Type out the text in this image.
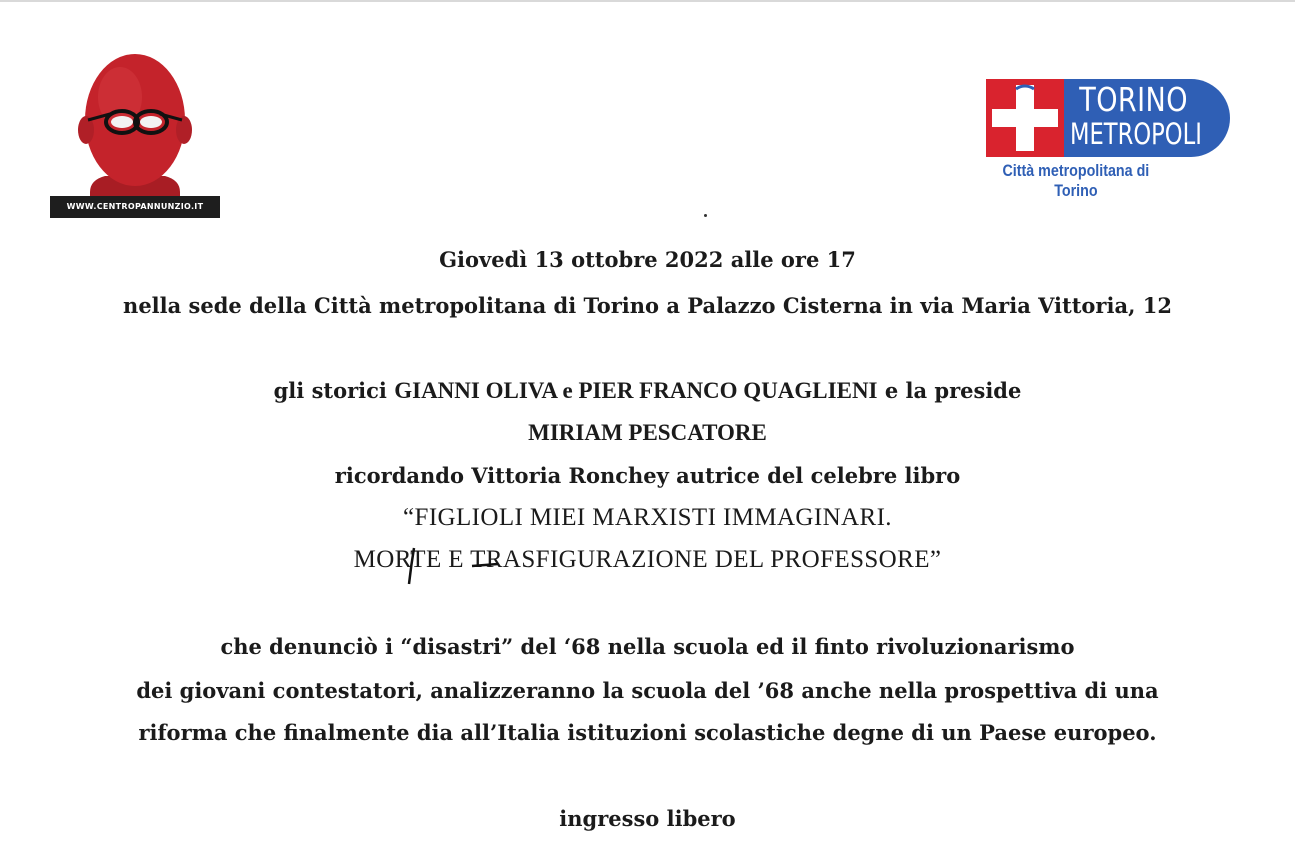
WWW.CENTROPANNUNZIO.IT
TORINO
METROPOLI
Città metropolitana di Torino
Giovedì 13 ottobre 2022 alle ore 17
nella sede della Città metropolitana di Torino a Palazzo Cisterna in via Maria Vittoria, 12
gli storici GIANNI OLIVA e PIER FRANCO QUAGLIENI e la preside
MIRIAM PESCATORE
ricordando Vittoria Ronchey autrice del celebre libro
“FIGLIOLI MIEI MARXISTI IMMAGINARI.
MORTE E TRASFIGURAZIONE DEL PROFESSORE”
che denunciò i “disastri” del ‘68 nella scuola ed il finto rivoluzionarismo
dei giovani contestatori, analizzeranno la scuola del ’68 anche nella prospettiva di una
riforma che finalmente dia all’Italia istituzioni scolastiche degne di un Paese europeo.
ingresso libero
